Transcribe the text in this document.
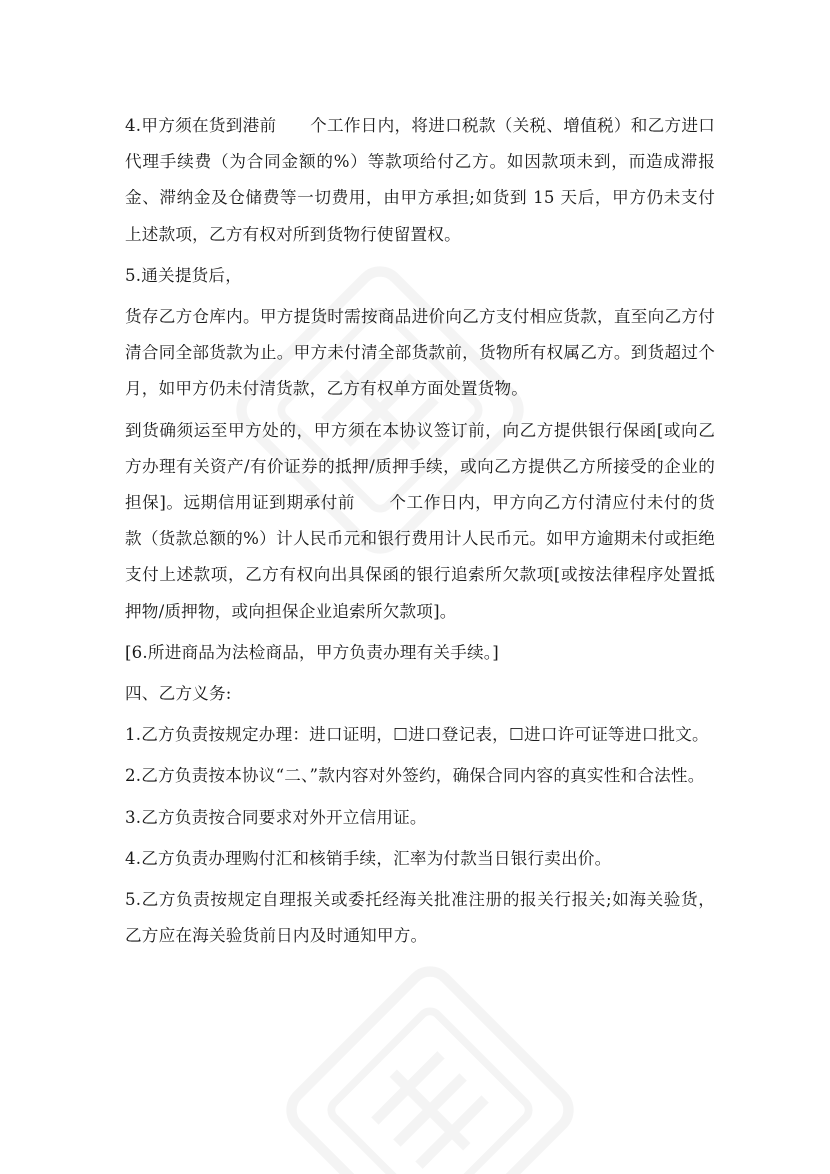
4.甲方须在货到港前　　个工作日内，将进口税款（关税、增值税）和乙方进口代理手续费（为合同金额的%）等款项给付乙方。如因款项未到，而造成滞报金、滞纳金及仓储费等一切费用，由甲方承担;如货到 15 天后，甲方仍未支付上述款项，乙方有权对所到货物行使留置权。

5.通关提货后，

货存乙方仓库内。甲方提货时需按商品进价向乙方支付相应货款，直至向乙方付清合同全部货款为止。甲方未付清全部货款前，货物所有权属乙方。到货超过个月，如甲方仍未付清货款，乙方有权单方面处置货物。

到货确须运至甲方处的，甲方须在本协议签订前，向乙方提供银行保函[或向乙方办理有关资产/有价证券的抵押/质押手续，或向乙方提供乙方所接受的企业的担保]。远期信用证到期承付前　　个工作日内，甲方向乙方付清应付未付的货款（货款总额的%）计人民币元和银行费用计人民币元。如甲方逾期未付或拒绝支付上述款项，乙方有权向出具保函的银行追索所欠款项[或按法律程序处置抵押物/质押物，或向担保企业追索所欠款项]。

[6.所进商品为法检商品，甲方负责办理有关手续。]

四、乙方义务:

1.乙方负责按规定办理：进口证明，☐进口登记表，☐进口许可证等进口批文。

2.乙方负责按本协议“二、”款内容对外签约，确保合同内容的真实性和合法性。

3.乙方负责按合同要求对外开立信用证。

4.乙方负责办理购付汇和核销手续，汇率为付款当日银行卖出价。

5.乙方负责按规定自理报关或委托经海关批准注册的报关行报关;如海关验货，乙方应在海关验货前日内及时通知甲方。
